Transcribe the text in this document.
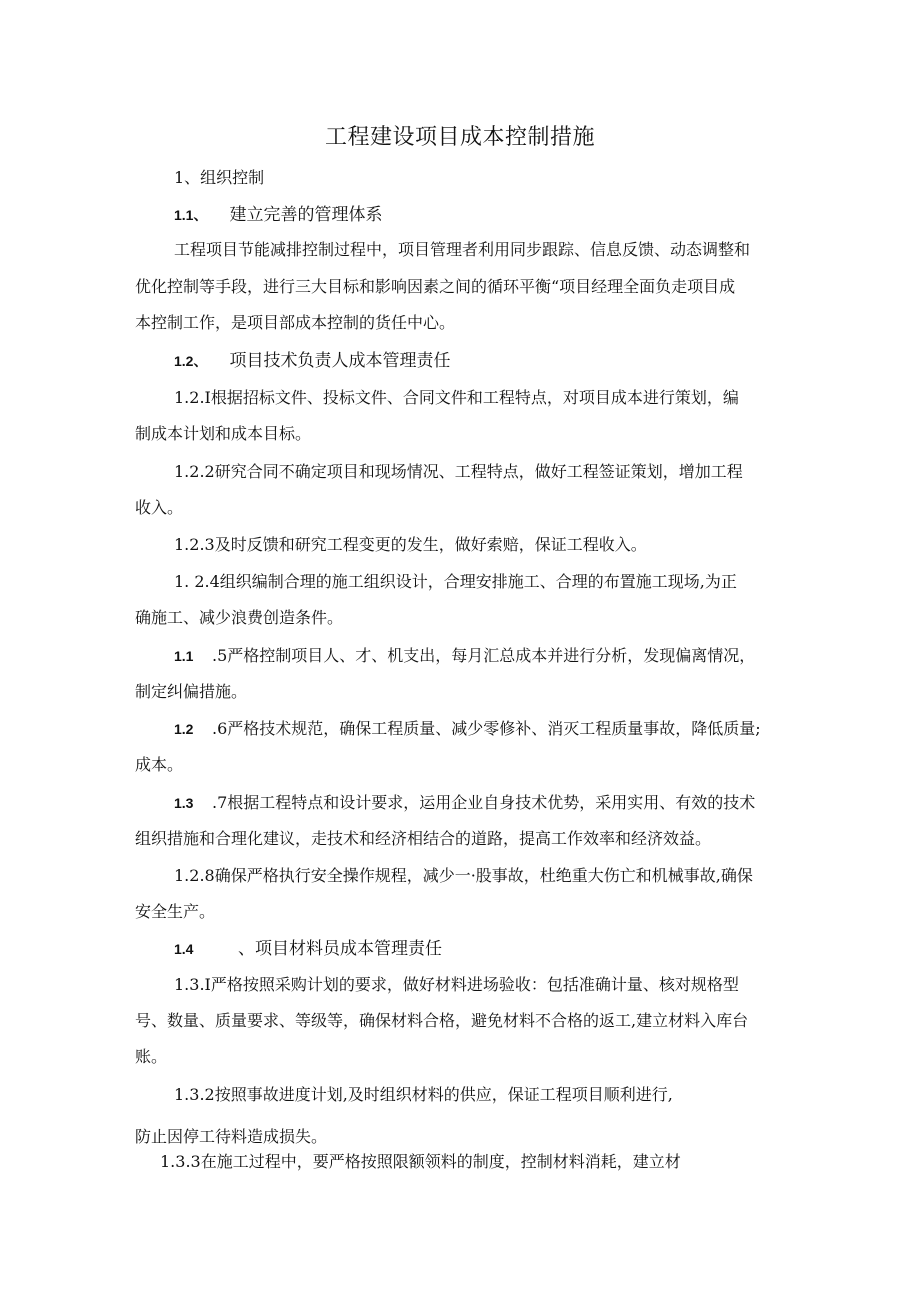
工程建设项目成本控制措施
1、组织控制
1.1、 建立完善的管理体系
工程项目节能减排控制过程中，项目管理者利用同步跟踪、信息反馈、动态调整和
优化控制等手段，进行三大目标和影响因素之间的循环平衡“项目经理全面负走项目成
本控制工作，是项目部成本控制的货任中心。
1.2、 项目技术负责人成本管理责任
1.2.I根据招标文件、投标文件、合同文件和工程特点，对项目成本进行策划，编
制成本计划和成本目标。
1.2.2研究合同不确定项目和现场情况、工程特点，做好工程签证策划，增加工程
收入。
1.2.3及时反馈和研究工程变更的发生，做好索赔，保证工程收入。
1. 2.4组织编制合理的施工组织设计，合理安排施工、合理的布置施工现场,为正
确施工、减少浪费创造条件。
1.1 .5严格控制项目人、才、机支出，每月汇总成本并进行分析，发现偏离情况，
制定纠偏措施。
1.2 .6严格技术规范，确保工程质量、减少零修补、消灭工程质量事故，降低质量;
成本。
1.3 .7根据工程特点和设计要求，运用企业自身技术优势，采用实用、有效的技术
组织措施和合理化建议，走技术和经济相结合的道路，提高工作效率和经济效益。
1.2.8确保严格执行安全操作规程，减少一·股事故，杜绝重大伤亡和机械事故,确保
安全生产。
1.4	、项目材料员成本管理责任
1.3.I严格按照采购计划的要求，做好材料进场验收：包括准确计量、核对规格型
号、数量、质量要求、等级等，确保材料合格，避免材料不合格的返工,建立材料入库台
账。
1.3.2按照事故进度计划,及时组织材料的供应，保证工程项目顺利进行,
防止因停工待料造成损失。
1.3.3在施工过程中，要严格按照限额领料的制度，控制材料消耗，建立材
